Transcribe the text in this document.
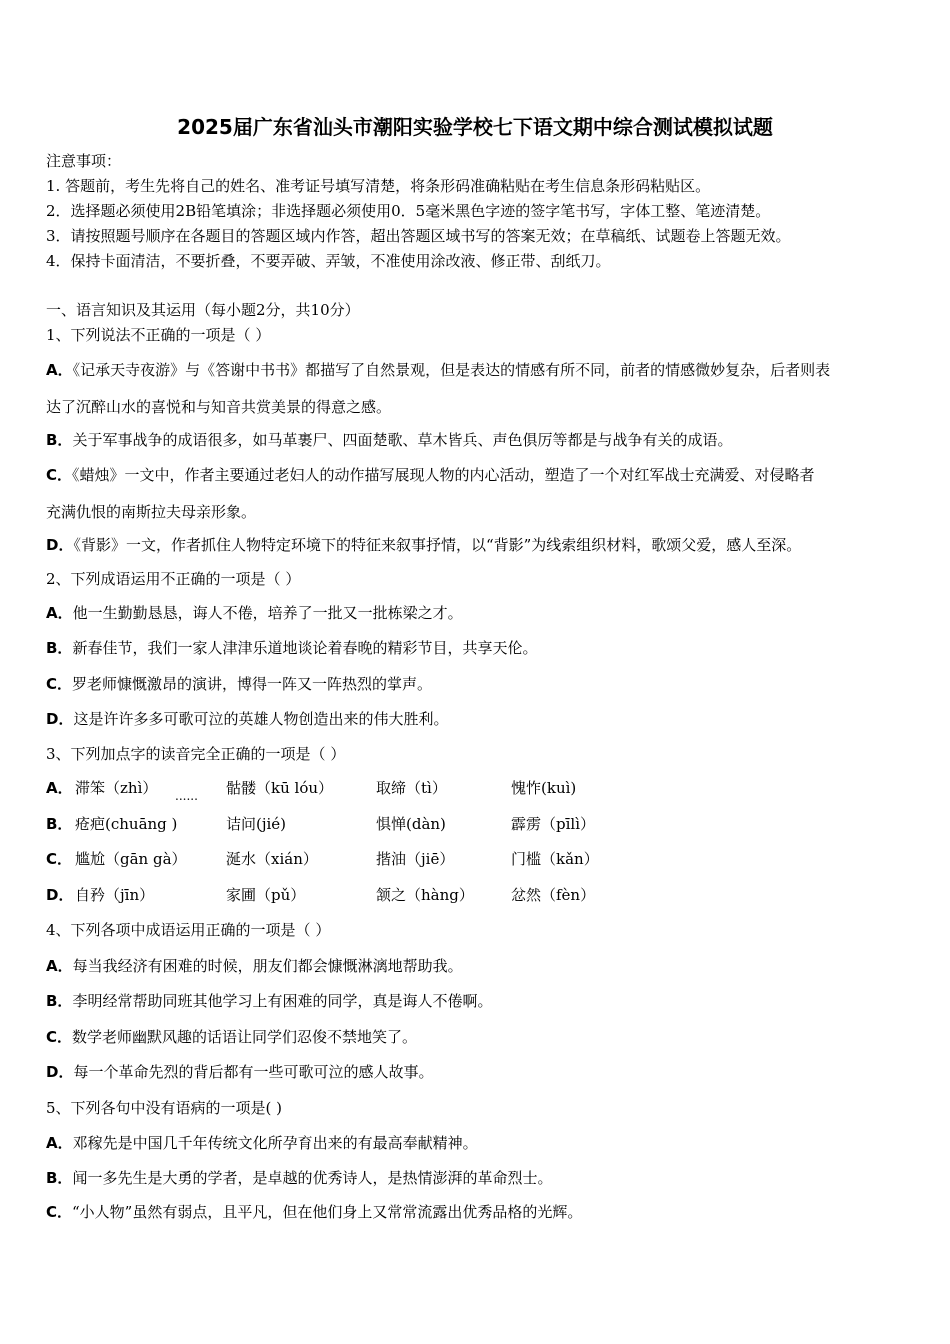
2025届广东省汕头市潮阳实验学校七下语文期中综合测试模拟试题
注意事项：
1. 答题前，考生先将自己的姓名、准考证号填写清楚，将条形码准确粘贴在考生信息条形码粘贴区。
2．选择题必须使用2B铅笔填涂；非选择题必须使用0．5毫米黑色字迹的签字笔书写，字体工整、笔迹清楚。
3．请按照题号顺序在各题目的答题区域内作答，超出答题区域书写的答案无效；在草稿纸、试题卷上答题无效。
4．保持卡面清洁，不要折叠，不要弄破、弄皱，不准使用涂改液、修正带、刮纸刀。
一、语言知识及其运用（每小题2分，共10分）
1、下列说法不正确的一项是（ ）
A．《记承天寺夜游》与《答谢中书书》都描写了自然景观，但是表达的情感有所不同，前者的情感微妙复杂，后者则表
达了沉醉山水的喜悦和与知音共赏美景的得意之感。
B．关于军事战争的成语很多，如马革裹尸、四面楚歌、草木皆兵、声色俱厉等都是与战争有关的成语。
C．《蜡烛》一文中，作者主要通过老妇人的动作描写展现人物的内心活动，塑造了一个对红军战士充满爱、对侵略者
充满仇恨的南斯拉夫母亲形象。
D．《背影》一文，作者抓住人物特定环境下的特征来叙事抒情，以“背影”为线索组织材料，歌颂父爱，感人至深。
2、下列成语运用不正确的一项是（ ）
A．他一生勤勤恳恳，诲人不倦，培养了一批又一批栋梁之才。
B．新春佳节，我们一家人津津乐道地谈论着春晚的精彩节目，共享天伦。
C．罗老师慷慨激昂的演讲，博得一阵又一阵热烈的掌声。
D．这是许许多多可歌可泣的英雄人物创造出来的伟大胜利。
3、下列加点字的读音完全正确的一项是（ ）
A． 滞笨（zhì） ...... 骷髅（kū lóu）	取缔（tì）	愧怍(kuì)
B． 疮疤(chuāng )	诘问(jié)	惧惮(dàn)	霹雳（pīlì）
C． 尴尬（gān gà）	涎水（xián）	揩油（jiē）	门槛（kǎn）
D． 自矜（jīn）	家圃（pǔ）	颔之（hàng） 忿然（fèn）
4、下列各项中成语运用正确的一项是（ ）
A．每当我经济有困难的时候，朋友们都会慷慨淋漓地帮助我。
B．李明经常帮助同班其他学习上有困难的同学，真是诲人不倦啊。
C．数学老师幽默风趣的话语让同学们忍俊不禁地笑了。
D．每一个革命先烈的背后都有一些可歌可泣的感人故事。
5、下列各句中没有语病的一项是( )
A．邓稼先是中国几千年传统文化所孕育出来的有最高奉献精神。
B．闻一多先生是大勇的学者，是卓越的优秀诗人，是热情澎湃的革命烈士。
C．“小人物”虽然有弱点，且平凡，但在他们身上又常常流露出优秀品格的光辉。
